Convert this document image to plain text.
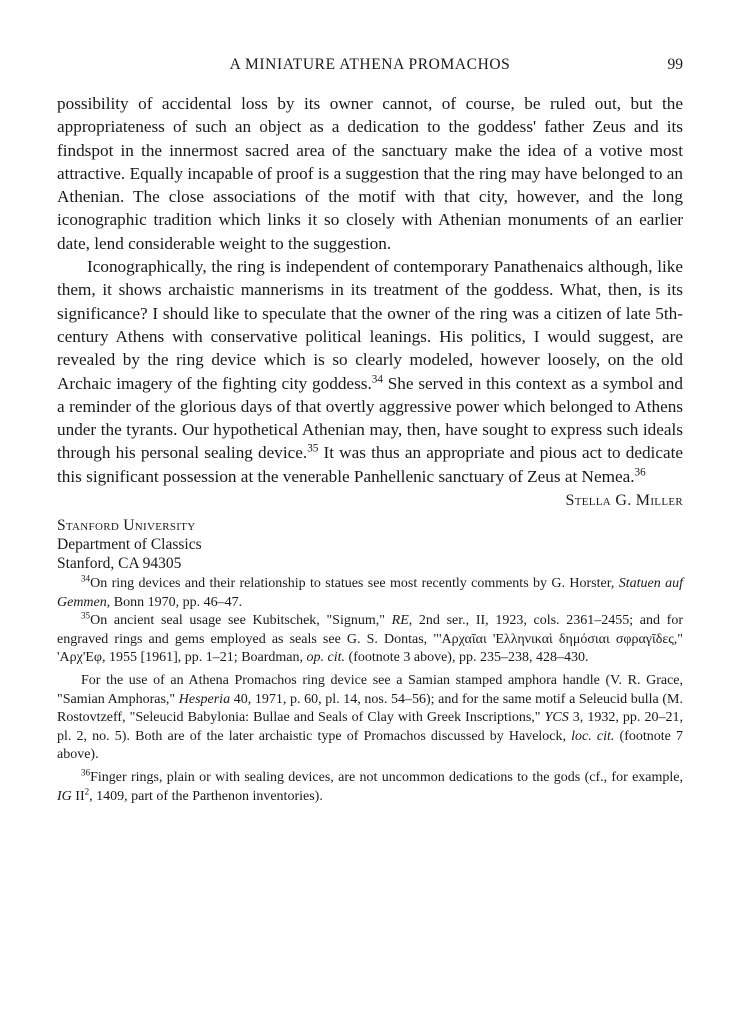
A MINIATURE ATHENA PROMACHOS	99

possibility of accidental loss by its owner cannot, of course, be ruled out, but the appropriateness of such an object as a dedication to the goddess' father Zeus and its findspot in the innermost sacred area of the sanctuary make the idea of a votive most attractive. Equally incapable of proof is a suggestion that the ring may have belonged to an Athenian. The close associations of the motif with that city, however, and the long iconographic tradition which links it so closely with Athenian monuments of an earlier date, lend considerable weight to the suggestion.

Iconographically, the ring is independent of contemporary Panathenaics although, like them, it shows archaistic mannerisms in its treatment of the goddess. What, then, is its significance? I should like to speculate that the owner of the ring was a citizen of late 5th-century Athens with conservative political leanings. His politics, I would suggest, are revealed by the ring device which is so clearly modeled, however loosely, on the old Archaic imagery of the fighting city goddess.$^{34}$ She served in this context as a symbol and a reminder of the glorious days of that overtly aggressive power which belonged to Athens under the tyrants. Our hypothetical Athenian may, then, have sought to express such ideals through his personal sealing device.$^{35}$ It was thus an appropriate and pious act to dedicate this significant possession at the venerable Panhellenic sanctuary of Zeus at Nemea.$^{36}$

Stella G. Miller
Stanford University
Department of Classics
Stanford, CA 94305

$^{34}$On ring devices and their relationship to statues see most recently comments by G. Horster, Statuen auf Gemmen, Bonn 1970, pp. 46–47.

$^{35}$On ancient seal usage see Kubitschek, "Signum," RE, 2nd ser., II, 1923, cols. 2361–2455; and for engraved rings and gems employed as seals see G. S. Dontas, "'Αρχαῖαι 'Ελληνικαὶ δημόσιαι σφραγῖδες," 'Αρχ'Εφ, 1955 [1961], pp. 1–21; Boardman, op. cit. (footnote 3 above), pp. 235–238, 428–430.

For the use of an Athena Promachos ring device see a Samian stamped amphora handle (V. R. Grace, "Samian Amphoras," Hesperia 40, 1971, p. 60, pl. 14, nos. 54–56); and for the same motif a Seleucid bulla (M. Rostovtzeff, "Seleucid Babylonia: Bullae and Seals of Clay with Greek Inscriptions," YCS 3, 1932, pp. 20–21, pl. 2, no. 5). Both are of the later archaistic type of Promachos discussed by Havelock, loc. cit. (footnote 7 above).

$^{36}$Finger rings, plain or with sealing devices, are not uncommon dedications to the gods (cf., for example, IG $II^2$, 1409, part of the Parthenon inventories).
